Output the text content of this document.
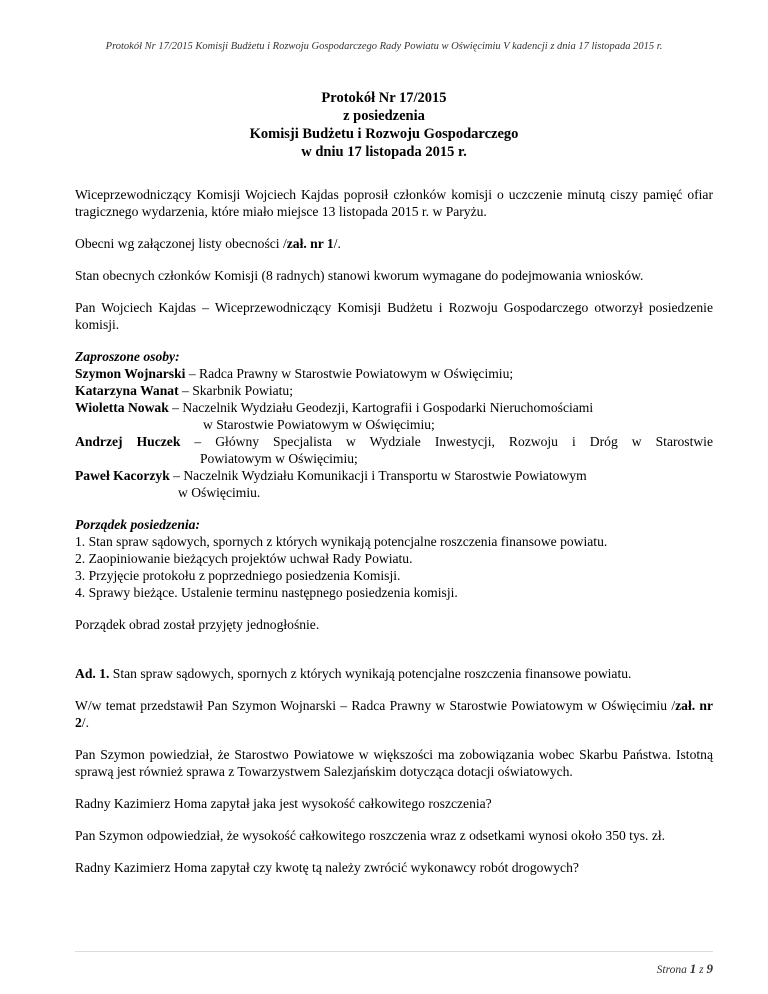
Protokół Nr 17/2015 Komisji Budżetu i Rozwoju Gospodarczego Rady Powiatu w Oświęcimiu V kadencji z dnia 17 listopada 2015 r.
Protokół Nr 17/2015
z posiedzenia
Komisji Budżetu i Rozwoju Gospodarczego
w dniu 17 listopada 2015 r.

Wiceprzewodniczący Komisji Wojciech Kajdas poprosił członków komisji o uczczenie minutą ciszy pamięć ofiar tragicznego wydarzenia, które miało miejsce 13 listopada 2015 r. w Paryżu.

Obecni wg załączonej listy obecności /zał. nr 1/.

Stan obecnych członków Komisji (8 radnych) stanowi kworum wymagane do podejmowania wniosków.

Pan Wojciech Kajdas – Wiceprzewodniczący Komisji Budżetu i Rozwoju Gospodarczego otworzył posiedzenie komisji.

Zaproszone osoby:
Szymon Wojnarski – Radca Prawny w Starostwie Powiatowym w Oświęcimiu;
Katarzyna Wanat – Skarbnik Powiatu;
Wioletta Nowak – Naczelnik Wydziału Geodezji, Kartografii i Gospodarki Nieruchomościami
w Starostwie Powiatowym w Oświęcimiu;
Andrzej Huczek – Główny Specjalista w Wydziale Inwestycji, Rozwoju i Dróg w Starostwie
Powiatowym w Oświęcimiu;
Paweł Kacorzyk – Naczelnik Wydziału Komunikacji i Transportu w Starostwie Powiatowym
w Oświęcimiu.
Porządek posiedzenia:
1. Stan spraw sądowych, spornych z których wynikają potencjalne roszczenia finansowe powiatu.
2. Zaopiniowanie bieżących projektów uchwał Rady Powiatu.
3. Przyjęcie protokołu z poprzedniego posiedzenia Komisji.
4. Sprawy bieżące. Ustalenie terminu następnego posiedzenia komisji.

Porządek obrad został przyjęty jednogłośnie.

Ad. 1. Stan spraw sądowych, spornych z których wynikają potencjalne roszczenia finansowe powiatu.

W/w temat przedstawił Pan Szymon Wojnarski – Radca Prawny w Starostwie Powiatowym w Oświęcimiu /zał. nr 2/.

Pan Szymon powiedział, że Starostwo Powiatowe w większości ma zobowiązania wobec Skarbu Państwa. Istotną sprawą jest również sprawa z Towarzystwem Salezjańskim dotycząca dotacji oświatowych.

Radny Kazimierz Homa zapytał jaka jest wysokość całkowitego roszczenia?

Pan Szymon odpowiedział, że wysokość całkowitego roszczenia wraz z odsetkami wynosi około 350 tys. zł.

Radny Kazimierz Homa zapytał czy kwotę tą należy zwrócić wykonawcy robót drogowych?

Strona 1 z 9
